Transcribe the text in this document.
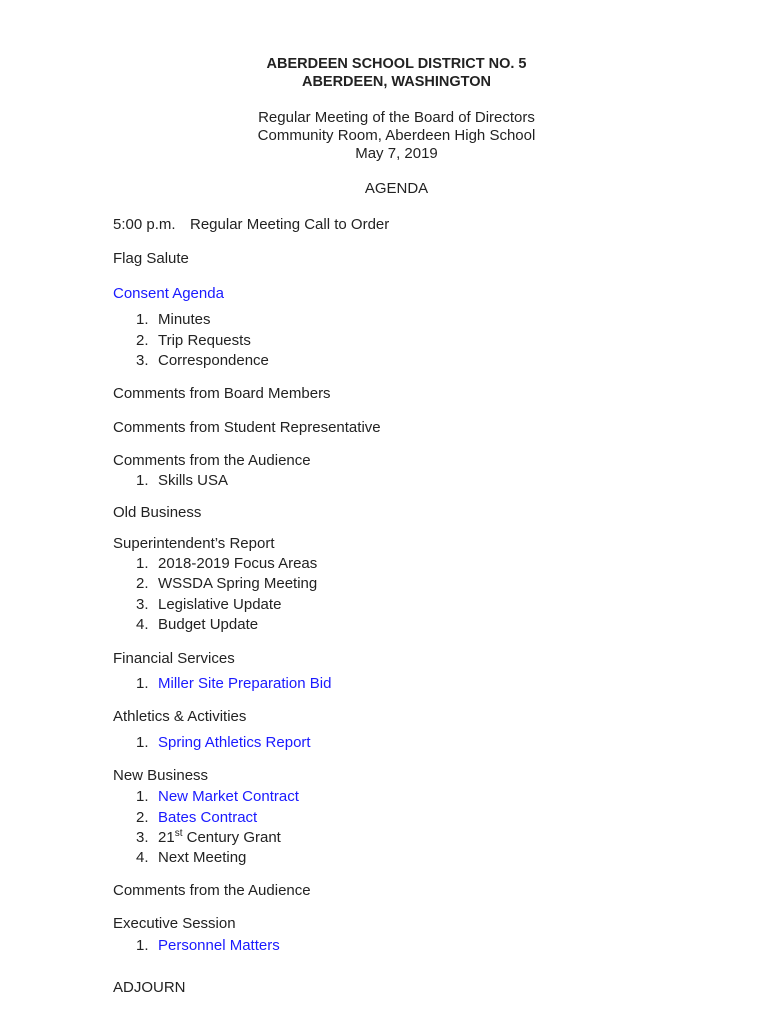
ABERDEEN SCHOOL DISTRICT NO. 5
ABERDEEN, WASHINGTON
Regular Meeting of the Board of Directors
Community Room, Aberdeen High School
May 7, 2019
AGENDA
5:00 p.m. Regular Meeting Call to Order
Flag Salute
Consent Agenda
1. Minutes
2. Trip Requests
3. Correspondence
Comments from Board Members
Comments from Student Representative
Comments from the Audience
1. Skills USA
Old Business
Superintendent’s Report
1. 2018-2019 Focus Areas
2. WSSDA Spring Meeting
3. Legislative Update
4. Budget Update
Financial Services
1. Miller Site Preparation Bid
Athletics & Activities
1. Spring Athletics Report
New Business
1. New Market Contract
2. Bates Contract
3. 21st Century Grant
4. Next Meeting
Comments from the Audience
Executive Session
1. Personnel Matters
ADJOURN
